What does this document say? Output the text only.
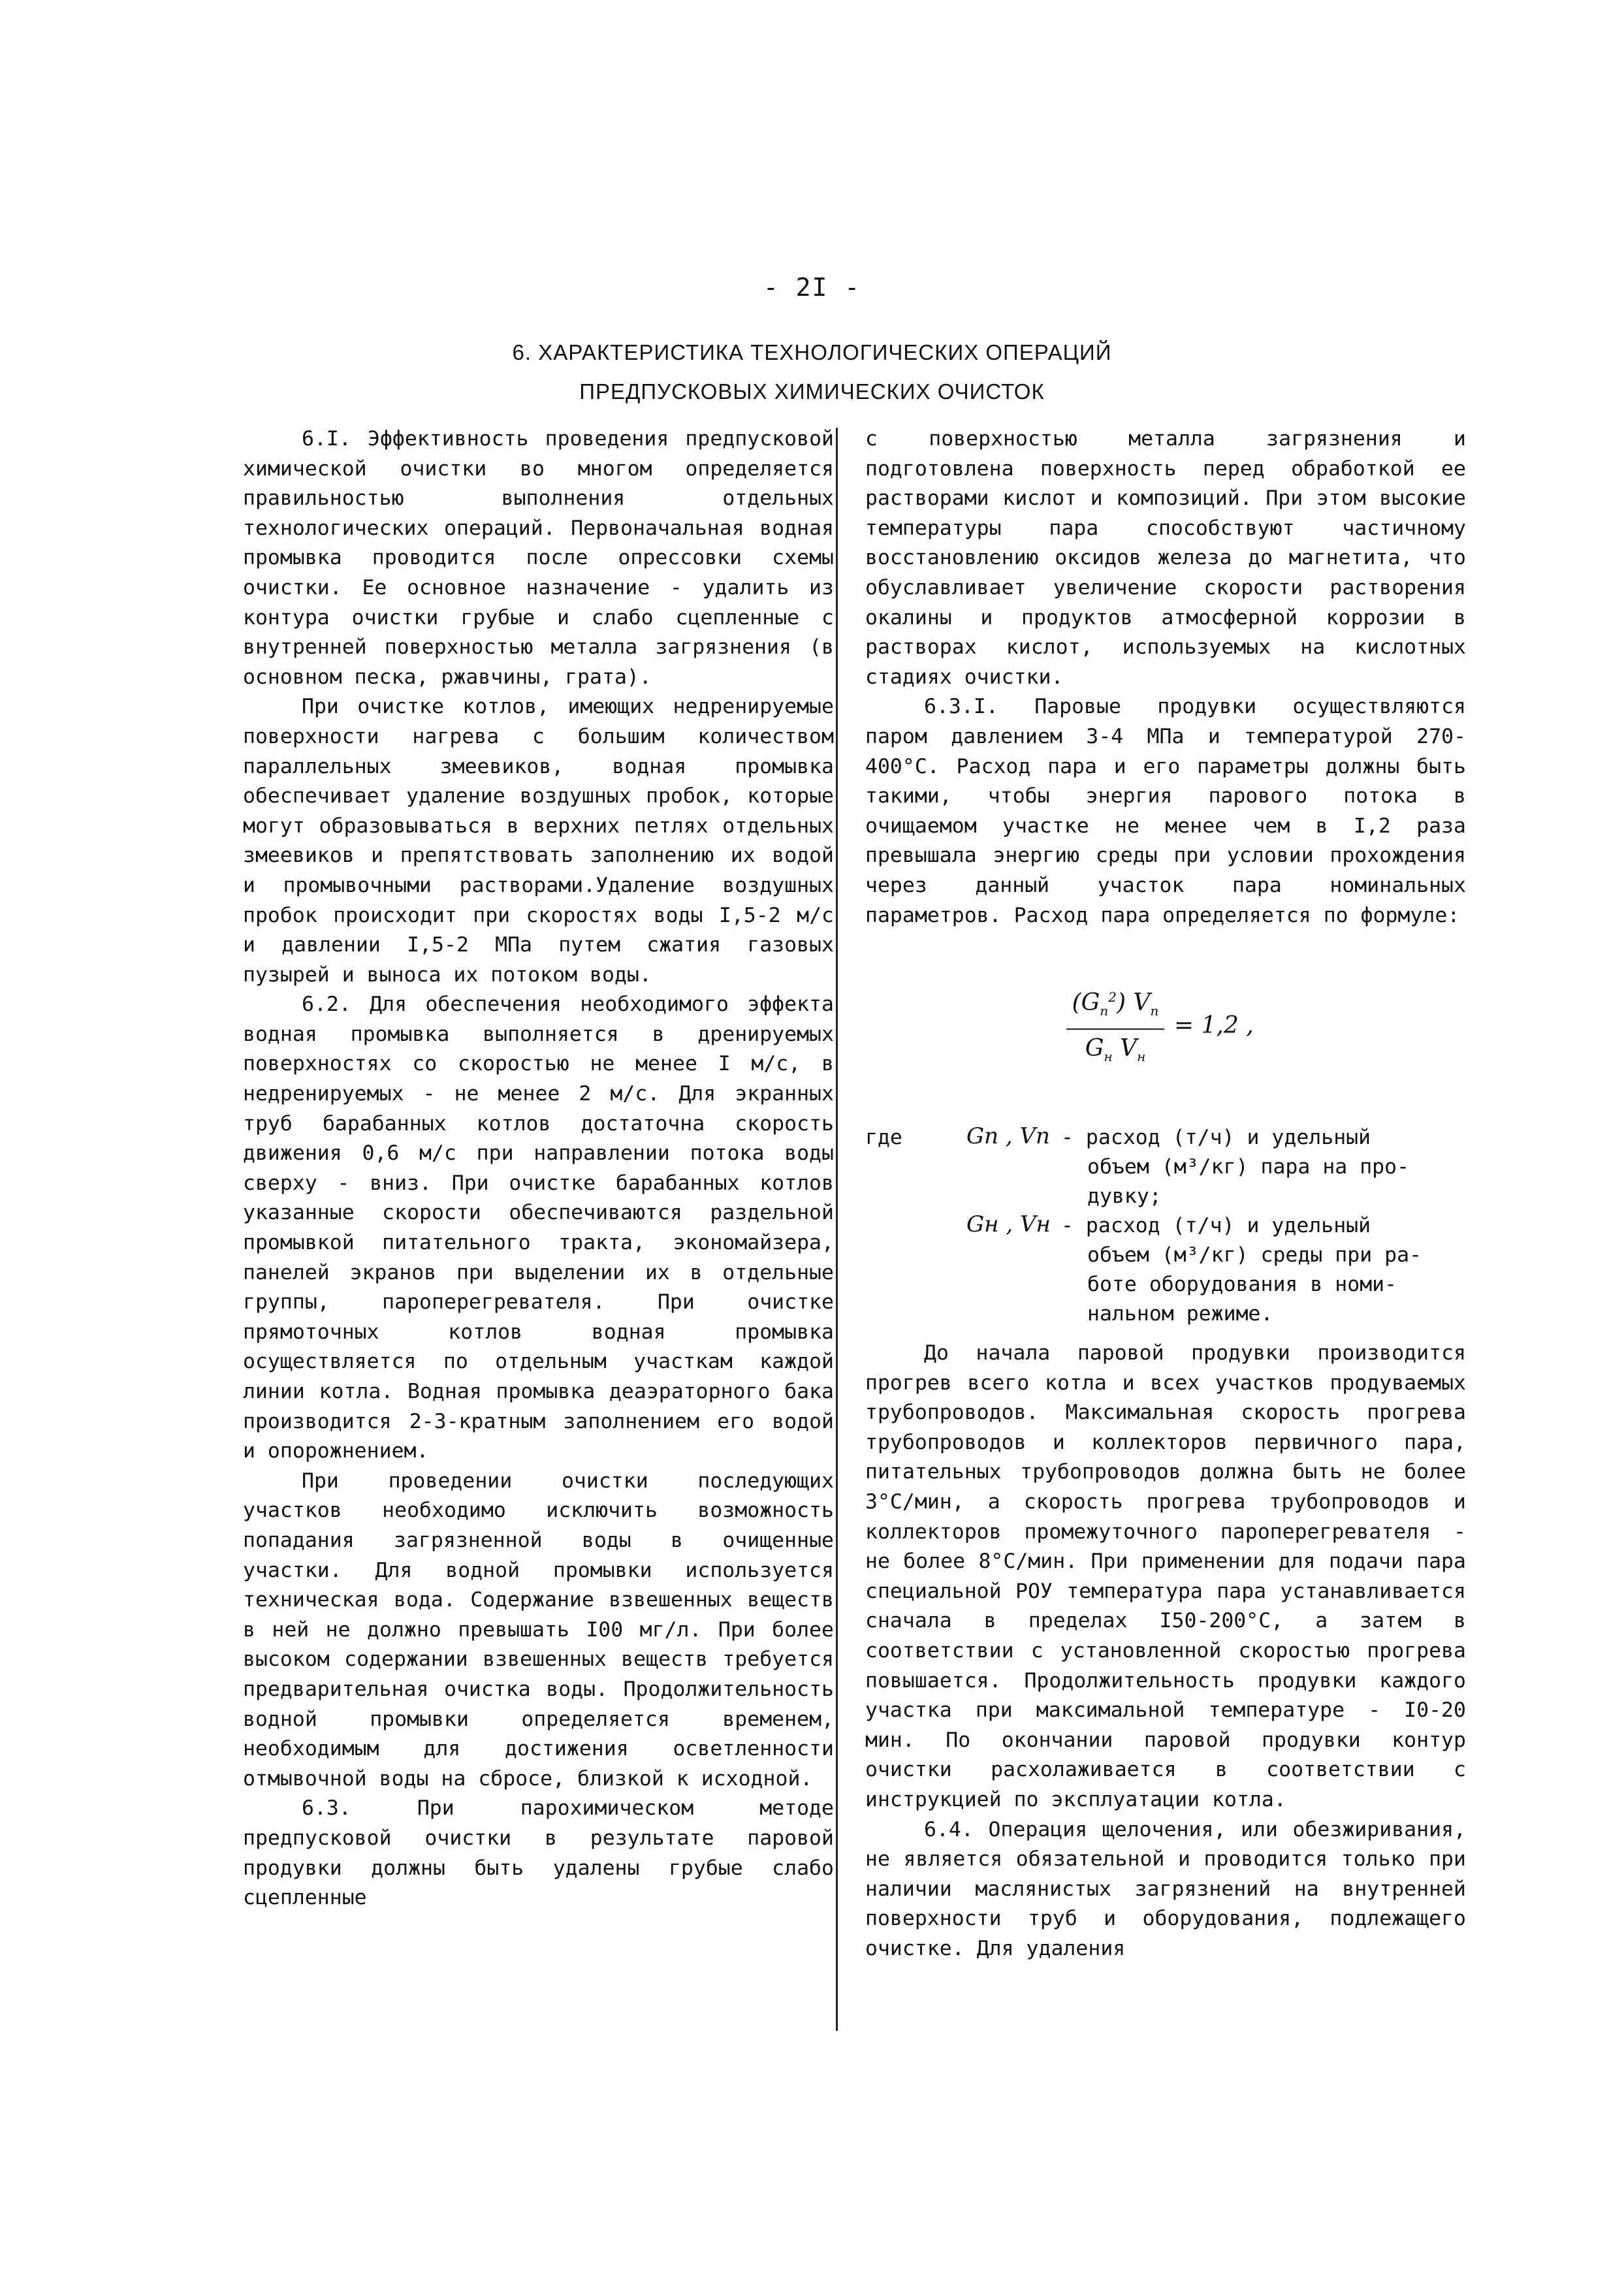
- 2I -
6. ХАРАКТЕРИСТИКА ТЕХНОЛОГИЧЕСКИХ ОПЕРАЦИЙ
ПРЕДПУСКОВЫХ ХИМИЧЕСКИХ ОЧИСТОК

6.I. Эффективность проведения предпусковой химической очистки во многом определяется правильностью выполнения отдельных технологических операций. Первоначальная водная промывка проводится после опрессовки схемы очистки. Ее основное назначение - удалить из контура очистки грубые и слабо сцепленные с внутренней поверхностью металла загрязнения (в основном песка, ржавчины, грата).

При очистке котлов, имеющих недренируемые поверхности нагрева с большим количеством параллельных змеевиков, водная промывка обеспечивает удаление воздушных пробок, которые могут образовываться в верхних петлях отдельных змеевиков и препятствовать заполнению их водой и промывочными растворами.Удаление воздушных пробок происходит при скоростях воды I,5-2 м/с и давлении I,5-2 МПа путем сжатия газовых пузырей и выноса их потоком воды.

6.2. Для обеспечения необходимого эффекта водная промывка выполняется в дренируемых поверхностях со скоростью не менее I м/с, в недренируемых - не менее 2 м/с. Для экранных труб барабанных котлов достаточна скорость движения 0,6 м/с при направлении потока воды сверху - вниз. При очистке барабанных котлов указанные скорости обеспечиваются раздельной промывкой питательного тракта, экономайзера, панелей экранов при выделении их в отдельные группы, пароперегревателя. При очистке прямоточных котлов водная промывка осуществляется по отдельным участкам каждой линии котла. Водная промывка деаэраторного бака производится 2-3-кратным заполнением его водой и опорожнением.

При проведении очистки последующих участков необходимо исключить возможность попадания загрязненной воды в очищенные участки. Для водной промывки используется техническая вода. Содержание взвешенных веществ в ней не должно превышать I00 мг/л. При более высоком содержании взвешенных веществ требуется предварительная очистка воды. Продолжительность водной промывки определяется временем, необходимым для достижения осветленности отмывочной воды на сбросе, близкой к исходной.

6.3. При парохимическом методе предпусковой очистки в результате паровой продувки должны быть удалены грубые слабо сцепленные

с поверхностью металла загрязнения и подготовлена поверхность перед обработкой ее растворами кислот и композиций. При этом высокие температуры пара способствуют частичному восстановлению оксидов железа до магнетита, что обуславливает увеличение скорости растворения окалины и продуктов атмосферной коррозии в растворах кислот, используемых на кислотных стадиях очистки.

6.3.I. Паровые продувки осуществляются паром давлением 3-4 МПа и температурой 270-400°С. Расход пара и его параметры должны быть такими, чтобы энергия парового потока в очищаемом участке не менее чем в I,2 раза превышала энергию среды при условии прохождения через данный участок пара номинальных параметров. Расход пара определяется по формуле:

$(G_п^2)$ $V_п$
$G_н$ $V_н$
= 1,2 ,
где	Gп , Vп - расход (т/ч) и удельный
объем (м³/кг) пара на про-
дувку;
Gн , Vн - расход (т/ч) и удельный
объем (м³/кг) среды при ра-
боте оборудования в номи-
нальном режиме.

До начала паровой продувки производится прогрев всего котла и всех участков продуваемых трубопроводов. Максимальная скорость прогрева трубопроводов и коллекторов первичного пара, питательных трубопроводов должна быть не более 3°С/мин, а скорость прогрева трубопроводов и коллекторов промежуточного пароперегревателя - не более 8°С/мин. При применении для подачи пара специальной РОУ температура пара устанавливается сначала в пределах I50-200°С, а затем в соответствии с установленной скоростью прогрева повышается. Продолжительность продувки каждого участка при максимальной температуре - I0-20 мин. По окончании паровой продувки контур очистки расхолаживается в соответствии с инструкцией по эксплуатации котла.

6.4. Операция щелочения, или обезжиривания, не является обязательной и проводится только при наличии маслянистых загрязнений на внутренней поверхности труб и оборудования, подлежащего очистке. Для удаления
